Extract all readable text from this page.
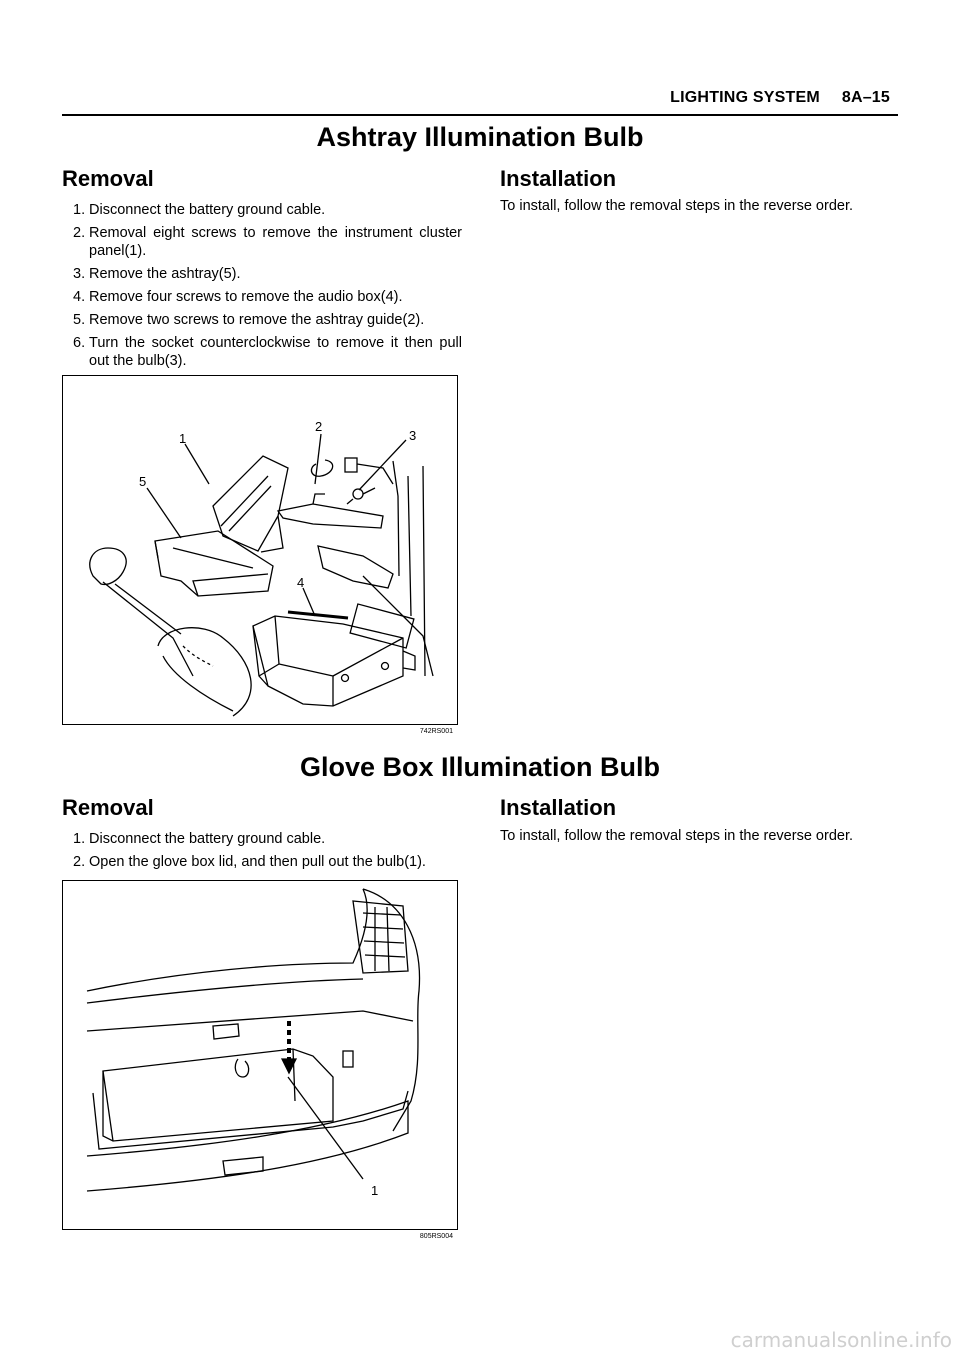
LIGHTING SYSTEM 8A–15
Ashtray Illumination Bulb
Removal
1. Disconnect the battery ground cable.
2. Removal eight screws to remove the instrument cluster panel(1).
3. Remove the ashtray(5).
4. Remove four screws to remove the audio box(4).
5. Remove two screws to remove the ashtray guide(2).
6. Turn the socket counterclockwise to remove it then pull out the bulb(3).
Installation
To install, follow the removal steps in the reverse order.
1
2
3
5
4
742RS001
Glove Box Illumination Bulb
Removal
1. Disconnect the battery ground cable.
2. Open the glove box lid, and then pull out the bulb(1).
Installation
To install, follow the removal steps in the reverse order.
1
805RS004
carmanualsonline.info
